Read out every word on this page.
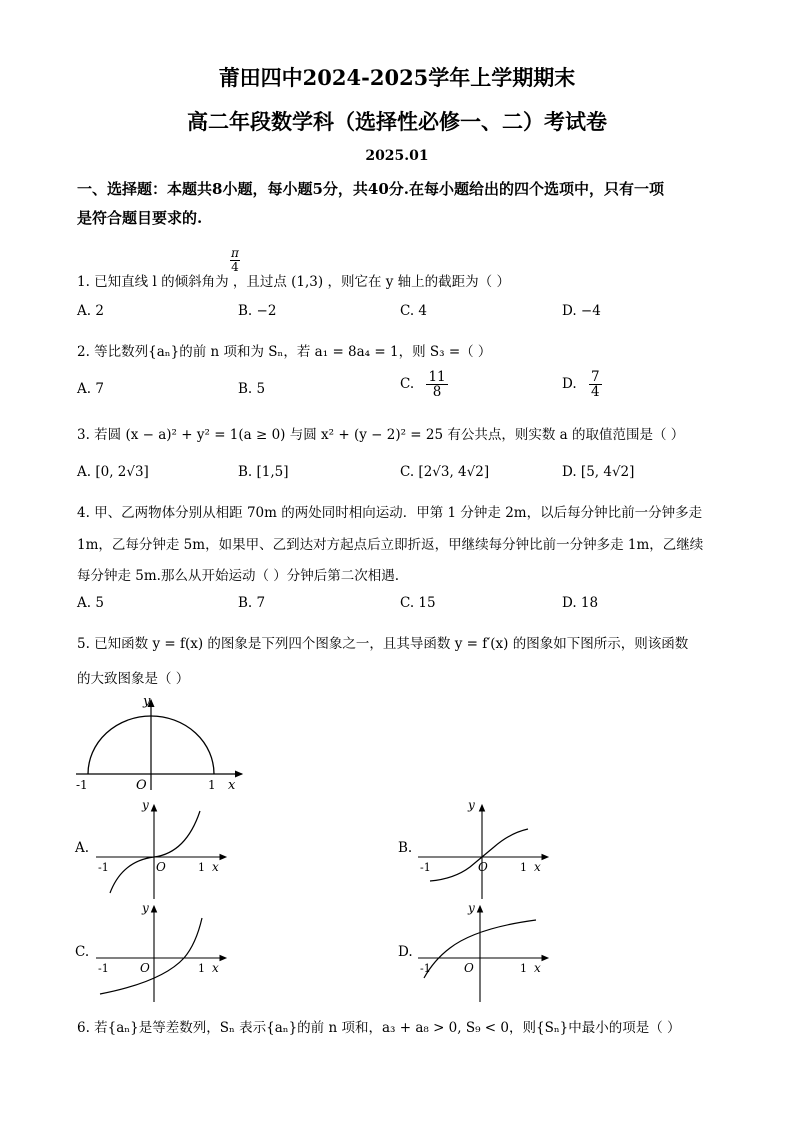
莆田四中2024-2025学年上学期期末
高二年段数学科（选择性必修一、二）考试卷
2025.01
一、选择题：本题共8小题，每小题5分，共40分.在每小题给出的四个选项中，只有一项
是符合题目要求的.
$\frac{\pi}{4}$
1. 已知直线 l 的倾斜角为 ，且过点 (1,3) ，则它在 y 轴上的截距为（ ）
A. 2	B. −2	C. 4	D. −4
2. 等比数列{aₙ}的前 n 项和为 Sₙ，若 a₁ = 8a₄ = 1，则 S₃ =（ ）
A. 7	B. 5	C. $\frac{11}{8}$	D. $\frac{7}{4}$
3. 若圆 (x − a)² + y² = 1(a ≥ 0) 与圆 x² + (y − 2)² = 25 有公共点，则实数 a 的取值范围是（ ）
A. [0, 2√3]	B. [1,5]	C. [2√3, 4√2]	D. [5, 4√2]
4. 甲、乙两物体分别从相距 70m 的两处同时相向运动．甲第 1 分钟走 2m，以后每分钟比前一分钟多走
1m，乙每分钟走 5m，如果甲、乙到达对方起点后立即折返，甲继续每分钟比前一分钟多走 1m，乙继续
每分钟走 5m.那么从开始运动（ ）分钟后第二次相遇.
A. 5	B. 7	C. 15	D. 18
5. 已知函数 y = f(x) 的图象是下列四个图象之一，且其导函数 y = f′(x) 的图象如下图所示，则该函数
的大致图象是（ ）
y
x
O
-1	1
A.
y
x
O
-1	1
B.
y
x
O
-1	1
C.
y
x
O
-1	1
D.
y
x
O
-1	1
6. 若{aₙ}是等差数列，Sₙ 表示{aₙ}的前 n 项和，a₃ + a₈ > 0, S₉ < 0，则{Sₙ}中最小的项是（ ）
